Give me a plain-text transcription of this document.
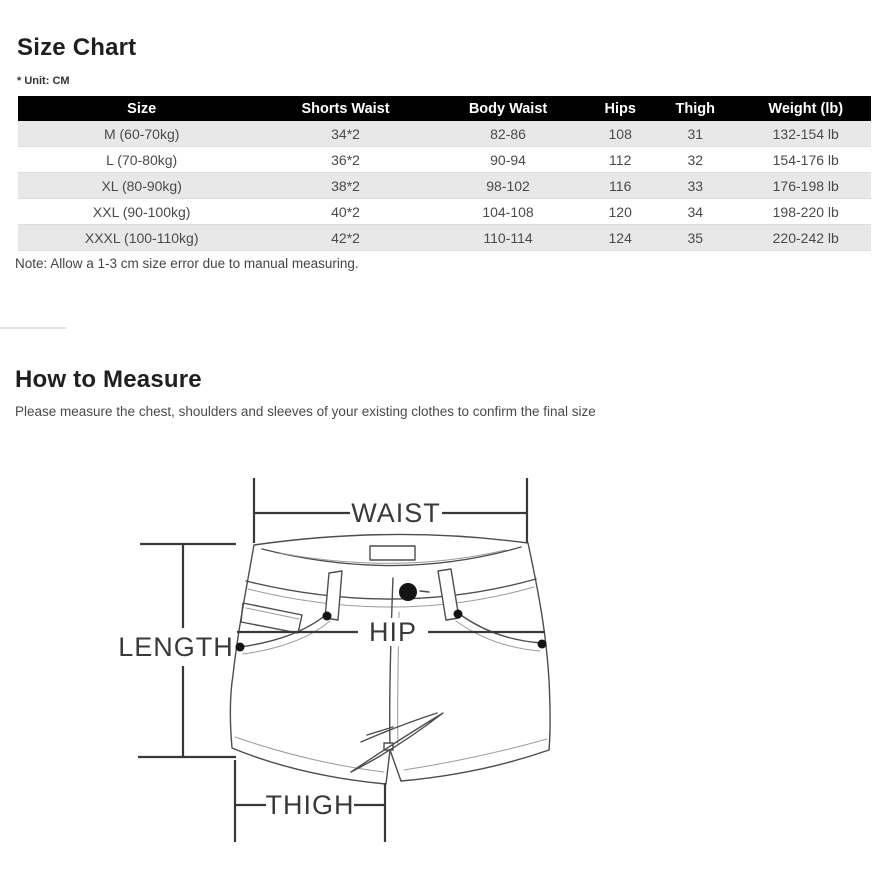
Size Chart
* Unit: CM
Size	Shorts Waist	Body Waist	Hips	Thigh	Weight (lb)
M (60-70kg)	34*2	82-86	108	31	132-154 lb
L (70-80kg)	36*2	90-94	112	32	154-176 lb
XL (80-90kg)	38*2	98-102	116	33	176-198 lb
XXL (90-100kg)	40*2	104-108	120	34	198-220 lb
XXXL (100-110kg)	42*2	110-114	124	35	220-242 lb
Note: Allow a 1-3 cm size error due to manual measuring.
How to Measure
Please measure the chest, shoulders and sleeves of your existing clothes to confirm the final size
WAIST
LENGTH	HIP
THIGH
